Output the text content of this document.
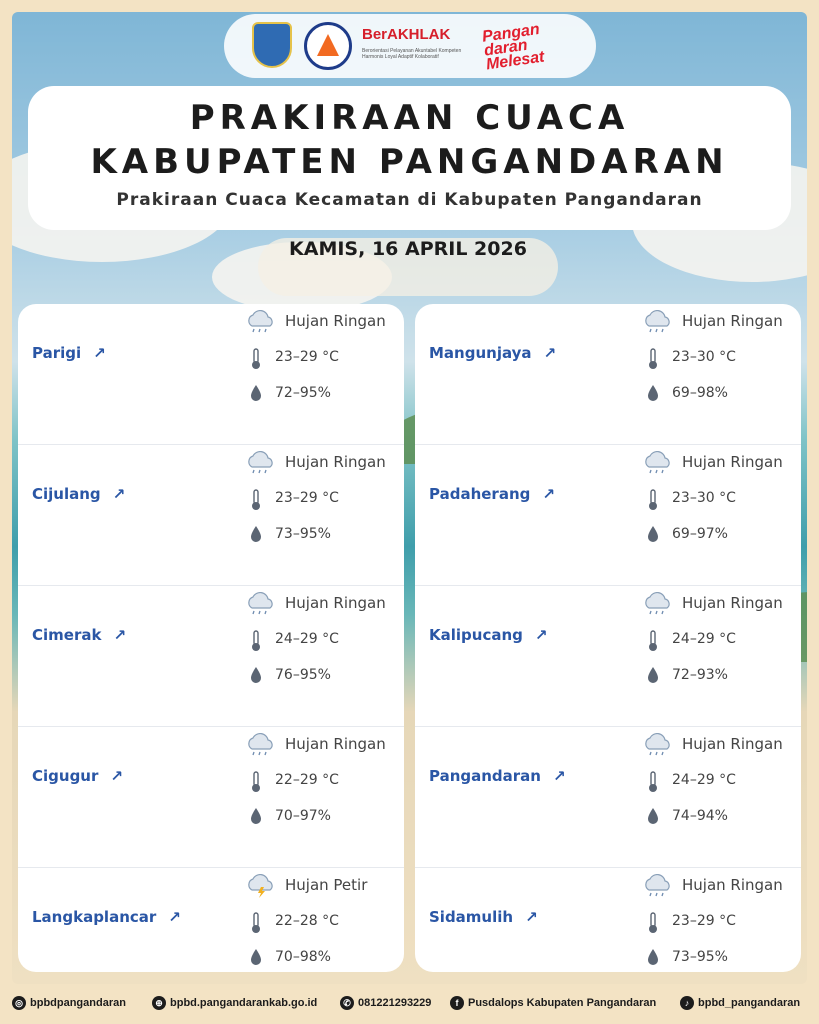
BerAKHLAK
Berorientasi Pelayanan Akuntabel Kompeten Harmonis Loyal Adaptif Kolaboratif
Pangan daran Melesat
PRAKIRAAN CUACA
KABUPATEN PANGANDARAN
Prakiraan Cuaca Kecamatan di Kabupaten Pangandaran
KAMIS, 16 APRIL 2026
Parigi ↗
Hujan Ringan
23–29 °C
72–95%
Cijulang ↗
Hujan Ringan
23–29 °C
73–95%
Cimerak ↗
Hujan Ringan
24–29 °C
76–95%
Cigugur ↗
Hujan Ringan
22–29 °C
70–97%
Langkaplancar ↗
Hujan Petir
22–28 °C
70–98%
Mangunjaya ↗
Hujan Ringan
23–30 °C
69–98%
Padaherang ↗
Hujan Ringan
23–30 °C
69–97%
Kalipucang ↗
Hujan Ringan
24–29 °C
72–93%
Pangandaran ↗
Hujan Ringan
24–29 °C
74–94%
Sidamulih ↗
Hujan Ringan
23–29 °C
73–95%
◎ bpbdpangandaran	⊕ bpbd.pangandarankab.go.id	✆ 081221293229	f Pusdalops Kabupaten Pangandaran	♪ bpbd_pangandaran
